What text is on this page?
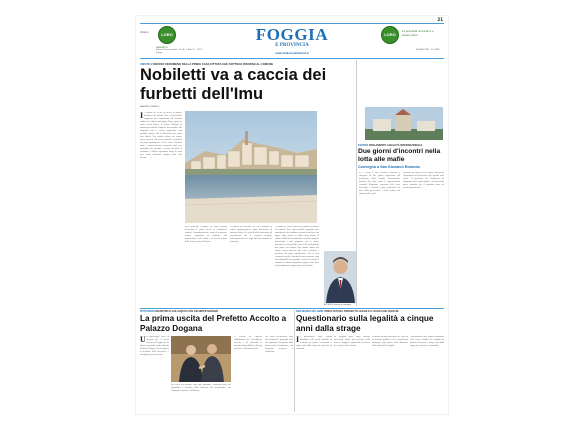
l'Attacco
21
LORO
www.loro.it
FOGGIA
E PROVINCIA
LORO
La genuinità nel mettere a natura vivere
Edicola Sacramentale · Via A. S. Alta 11 · 71121 Foggia	www.ledionsdelatocd.it
REDAZIONE · Tel. 0881 ...
VIESTE L'ODIOSO FENOMENO DELLA PRIMA CASA FITTIZIA CHE SOTTRAE RISORSE AL COMUNE
Nobiletti va a caccia dei furbetti dell'Imu
MAURIZIO TARDIO
Il Comune di Vieste ha deciso di passare all'attacco dei furbetti. Non è più possibile sopportare quei contribuenti che risultano residenti in città per non pagare l'Imu, mentre in realtà vivono altrove. Il sindaco Nobiletti ha annunciato controlli a tappeto: incrociando i dati anagrafici con le utenze domestiche sarà possibile stanare chi ha dichiarato una prima casa fittizia. Una pratica odiosa che sottrae risorse preziose alle casse comunali e penalizza chi paga regolarmente. Con la crisi economica anche i comuni devono recuperare ogni euro disponibile per garantire i servizi essenziali. Il fenomeno è diffuso soprattutto lungo la costa dove molte abitazioni vengono usate solo d'estate.
Nelle prossime settimane gli uffici tributari invieranno le prime lettere ai contribuenti sospetti. L'amministrazione conta di recuperare somme importanti da destinare alla manutenzione delle strade e al decoro urbano della città nel corso dell'anno.
Il sindaco ha ricordato che chi si metterà in regola spontaneamente potrà beneficiare di sanzioni ridotte. Per tutti gli altri scatteranno gli accertamenti con il recupero integrale dell'imposta dovuta e degli interessi maturati nel frattempo.
l Comune di Vieste ha deciso di passare all'attacco dei furbetti. Non è più possibile sopportare quei contribuenti che risultano residenti in città per non pagare l'Imu, mentre in realtà vivono altrove. Il sindaco Nobiletti ha annunciato controlli a tappeto: incrociando i dati anagrafici con le utenze domestiche sarà possibile stanare chi ha dichiarato una prima casa fittizia. Una pratica odiosa che sottrae risorse preziose alle casse comunali e penalizza chi paga regolarmente. Con la crisi economica anche i comuni devono recuperare ogni euro disponibile per garantire i servizi essenziali. Il fenomeno è diffuso soprattutto lungo la costa dove molte abitazioni vengono usate solo d'estate.
ARCERO Il relatore al convegno
EVENTO PARLAMENTO LEGALITÀ INTERNAZIONALE
Due giorni d'incontri nella lotta alle mafie
Convegno a San Giovanni Rotondo
Si è svolto a San Giovanni Rotondo il convegno di due giorni organizzato dal Parlamento della legalità internazionale dedicato alla lotta contro le organizzazioni criminali. Magistrati, esponenti delle forze dell'ordine e studenti si sono confrontati sui temi della prevenzione e della cultura del rispetto delle regole.
Numerosi gli interventi che hanno sottolineato l'importanza dell'educazione alla legalità nelle scuole. Il presidente del Parlamento ha ringraziato tutti i partecipanti e ha annunciato nuove iniziative per il prossimo anno sul territorio provinciale.
ISTITUZIONI INCONTRO E COLLOQUIO CON GIUSEPPE MARIANI
La prima uscita del Prefetto Accolto a Palazzo Dogana
Un pomeriggio ricco di incontri per il nuovo Prefetto di Foggia che ha fatto la sua prima uscita ufficiale a Palazzo Dogana. Ad accoglierlo il presidente della Provincia e i consiglieri presenti in aula.
Nel corso dell'incontro sono stati affrontati i principali temi che riguardano il territorio, dalla sicurezza alle infrastrutture, con l'impegno reciproco a collaborare.
Il Prefetto ha espresso soddisfazione per l'accoglienza ricevuta e ha assicurato la massima disponibilità al dialogo con tutte le istituzioni locali.
Nel corso dell'incontro sono stati affrontati i principali temi che riguardano il territorio, dalla sicurezza alle infrastrutture, con l'impegno reciproco a collaborare.
SAN MARCO IN LAMIS I RISULTATI DEL PROGETTO LEGGE E IL RUOLO DEI GIOVANI
Questionario sulla legalità a cinque anni dalla strage
Il questionario sulla legalità distribuito nelle scuole cittadine ha restituito un quadro interessante a cinque anni dalla strage che sconvolse la comunità.
La maggior parte degli studenti intervistati chiede più presenza dello Stato e maggiori opportunità di lavoro per i giovani del territorio.
I risultati saranno presentati nel corso di un incontro pubblico con le associazioni impegnate ogni giorno nella diffusione della cultura della legalità.
l questionario sulla legalità distribuito nelle scuole cittadine ha restituito un quadro interessante a cinque anni dalla strage che sconvolse la comunità.
